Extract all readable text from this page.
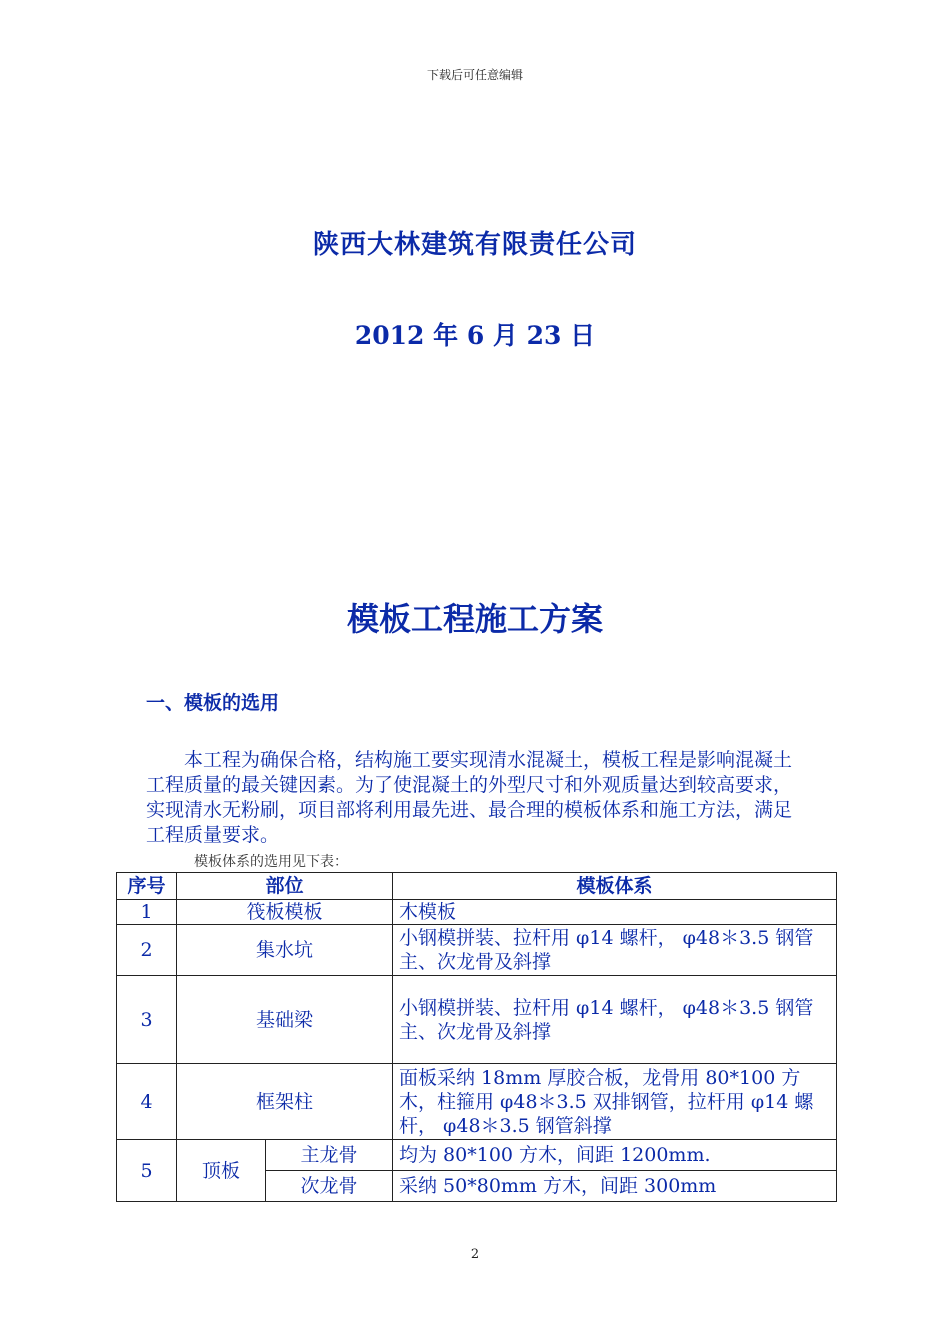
下载后可任意编辑
陕西大林建筑有限责任公司
2012 年 6 月 23 日
模板工程施工方案
一、模板的选用
本工程为确保合格，结构施工要实现清水混凝土，模板工程是影响混凝土工程质量的最关键因素。为了使混凝土的外型尺寸和外观质量达到较高要求，实现清水无粉刷，项目部将利用最先进、最合理的模板体系和施工方法，满足工程质量要求。
模板体系的选用见下表：
序号	部位		模板体系
1	筏板模板		木模板
2	集水坑		小钢模拼装、拉杆用 φ14 螺杆， φ48＊3.5 钢管主、次龙骨及斜撑
3	基础梁		小钢模拼装、拉杆用 φ14 螺杆， φ48＊3.5 钢管主、次龙骨及斜撑
4	框架柱		面板采纳 18mm 厚胶合板，龙骨用 80*100 方木，柱箍用 φ48＊3.5 双排钢管，拉杆用 φ14 螺杆， φ48＊3.5 钢管斜撑
5	顶板	主龙骨	均为 80*100 方木，间距 1200mm.
		次龙骨	采纳 50*80mm 方木，间距 300mm
2
